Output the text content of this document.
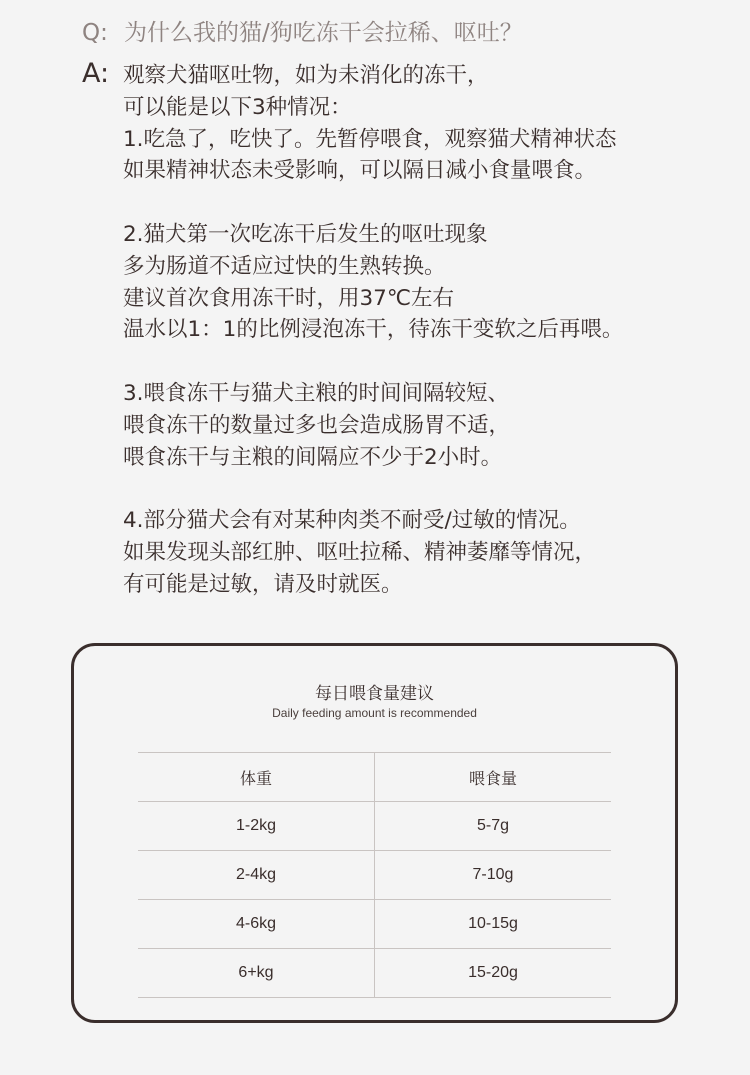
Q: 为什么我的猫/狗吃冻干会拉稀、呕吐？
A: 观察犬猫呕吐物，如为未消化的冻干，
可以能是以下3种情况：
1.吃急了，吃快了。先暂停喂食，观察猫犬精神状态
如果精神状态未受影响，可以隔日减小食量喂食。
2.猫犬第一次吃冻干后发生的呕吐现象
多为肠道不适应过快的生熟转换。
建议首次食用冻干时，用37℃左右
温水以1：1的比例浸泡冻干，待冻干变软之后再喂。
3.喂食冻干与猫犬主粮的时间间隔较短、
喂食冻干的数量过多也会造成肠胃不适，
喂食冻干与主粮的间隔应不少于2小时。
4.部分猫犬会有对某种肉类不耐受/过敏的情况。
如果发现头部红肿、呕吐拉稀、精神萎靡等情况，
有可能是过敏，请及时就医。
每日喂食量建议
Daily feeding amount is recommended
体重	喂食量
1-2kg	5-7g
2-4kg	7-10g
4-6kg	10-15g
6+kg	15-20g
